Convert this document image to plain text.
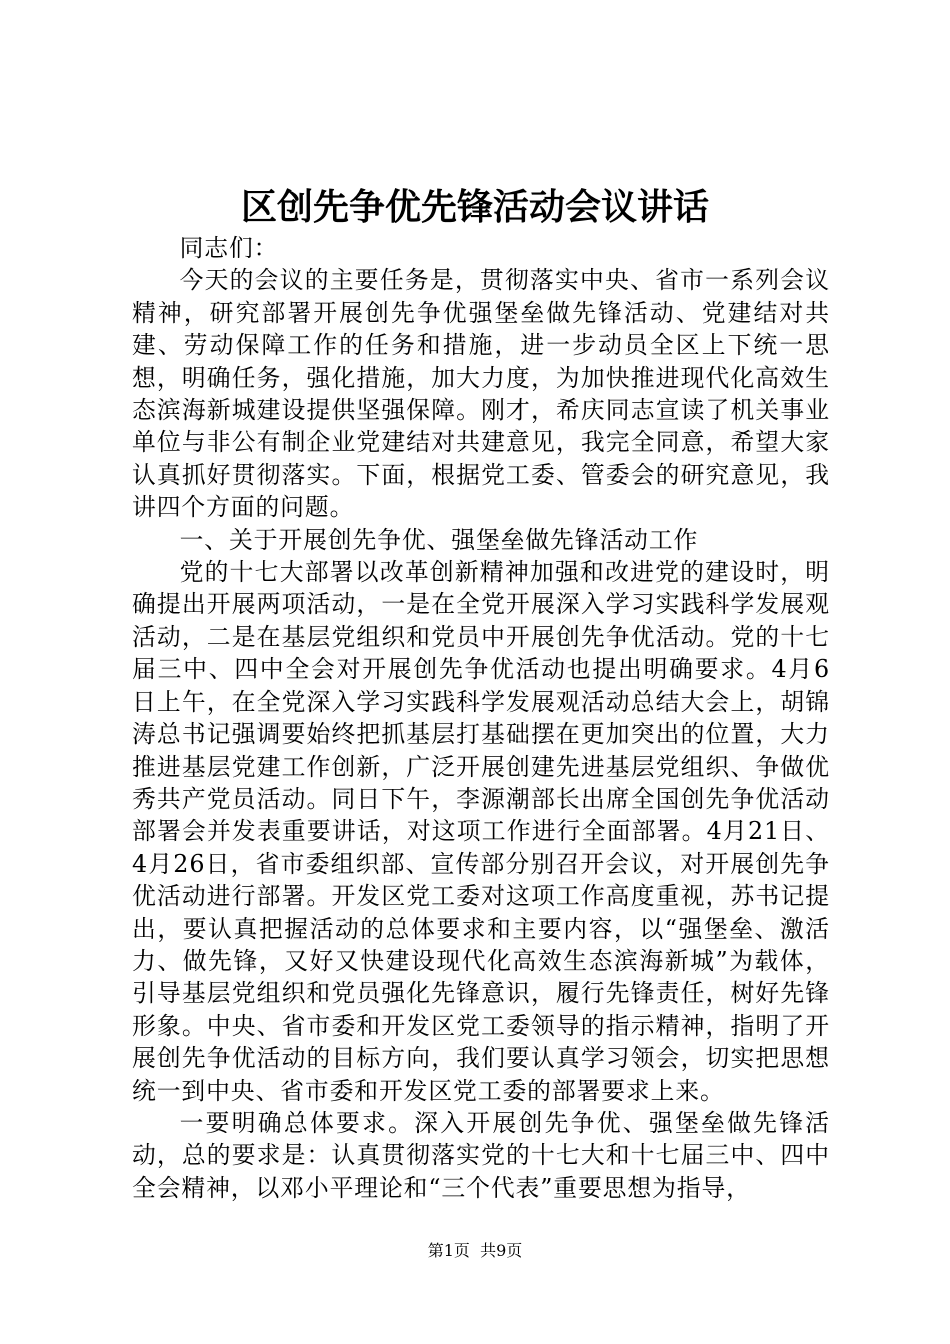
区创先争优先锋活动会议讲话

同志们：

今天的会议的主要任务是，贯彻落实中央、省市一系列会议精神，研究部署开展创先争优强堡垒做先锋活动、党建结对共建、劳动保障工作的任务和措施，进一步动员全区上下统一思想，明确任务，强化措施，加大力度，为加快推进现代化高效生态滨海新城建设提供坚强保障。刚才，希庆同志宣读了机关事业单位与非公有制企业党建结对共建意见，我完全同意，希望大家认真抓好贯彻落实。下面，根据党工委、管委会的研究意见，我讲四个方面的问题。

一、关于开展创先争优、强堡垒做先锋活动工作

党的十七大部署以改革创新精神加强和改进党的建设时，明确提出开展两项活动，一是在全党开展深入学习实践科学发展观活动，二是在基层党组织和党员中开展创先争优活动。党的十七届三中、四中全会对开展创先争优活动也提出明确要求。4月6日上午，在全党深入学习实践科学发展观活动总结大会上，胡锦涛总书记强调要始终把抓基层打基础摆在更加突出的位置，大力推进基层党建工作创新，广泛开展创建先进基层党组织、争做优秀共产党员活动。同日下午，李源潮部长出席全国创先争优活动部署会并发表重要讲话，对这项工作进行全面部署。4月21日、4月26日，省市委组织部、宣传部分别召开会议，对开展创先争优活动进行部署。开发区党工委对这项工作高度重视，苏书记提出，要认真把握活动的总体要求和主要内容，以“强堡垒、激活力、做先锋，又好又快建设现代化高效生态滨海新城”为载体，引导基层党组织和党员强化先锋意识，履行先锋责任，树好先锋形象。中央、省市委和开发区党工委领导的指示精神，指明了开展创先争优活动的目标方向，我们要认真学习领会，切实把思想统一到中央、省市委和开发区党工委的部署要求上来。

一要明确总体要求。深入开展创先争优、强堡垒做先锋活动，总的要求是：认真贯彻落实党的十七大和十七届三中、四中全会精神，以邓小平理论和“三个代表”重要思想为指导，

第1页  共9页
